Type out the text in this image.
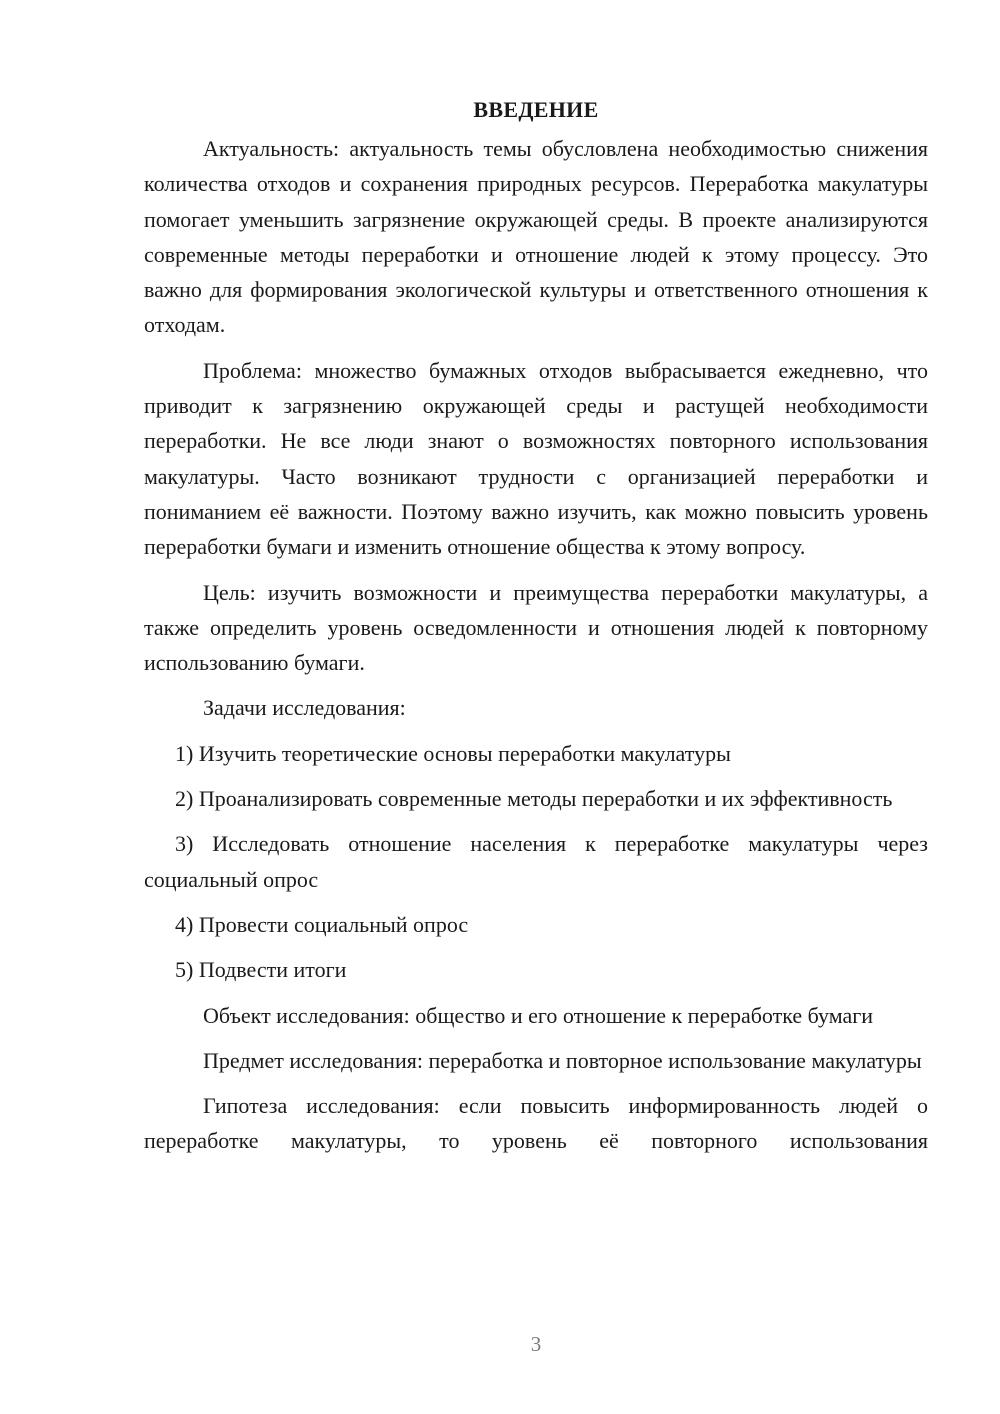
ВВЕДЕНИЕ

Актуальность: актуальность темы обусловлена необходимостью снижения количества отходов и сохранения природных ресурсов. Переработка макулатуры помогает уменьшить загрязнение окружающей среды. В проекте анализируются современные методы переработки и отношение людей к этому процессу. Это важно для формирования экологической культуры и ответственного отношения к отходам.

Проблема: множество бумажных отходов выбрасывается ежедневно, что приводит к загрязнению окружающей среды и растущей необходимости переработки. Не все люди знают о возможностях повторного использования макулатуры. Часто возникают трудности с организацией переработки и пониманием её важности. Поэтому важно изучить, как можно повысить уровень переработки бумаги и изменить отношение общества к этому вопросу.

Цель: изучить возможности и преимущества переработки макулатуры, а также определить уровень осведомленности и отношения людей к повторному использованию бумаги.

Задачи исследования:

1) Изучить теоретические основы переработки макулатуры

2) Проанализировать современные методы переработки и их эффективность

3) Исследовать отношение населения к переработке макулатуры через социальный опрос

4) Провести социальный опрос

5) Подвести итоги

Объект исследования: общество и его отношение к переработке бумаги

Предмет исследования: переработка и повторное использование макулатуры

Гипотеза исследования: если повысить информированность людей о переработке макулатуры, то уровень её повторного использования

3
